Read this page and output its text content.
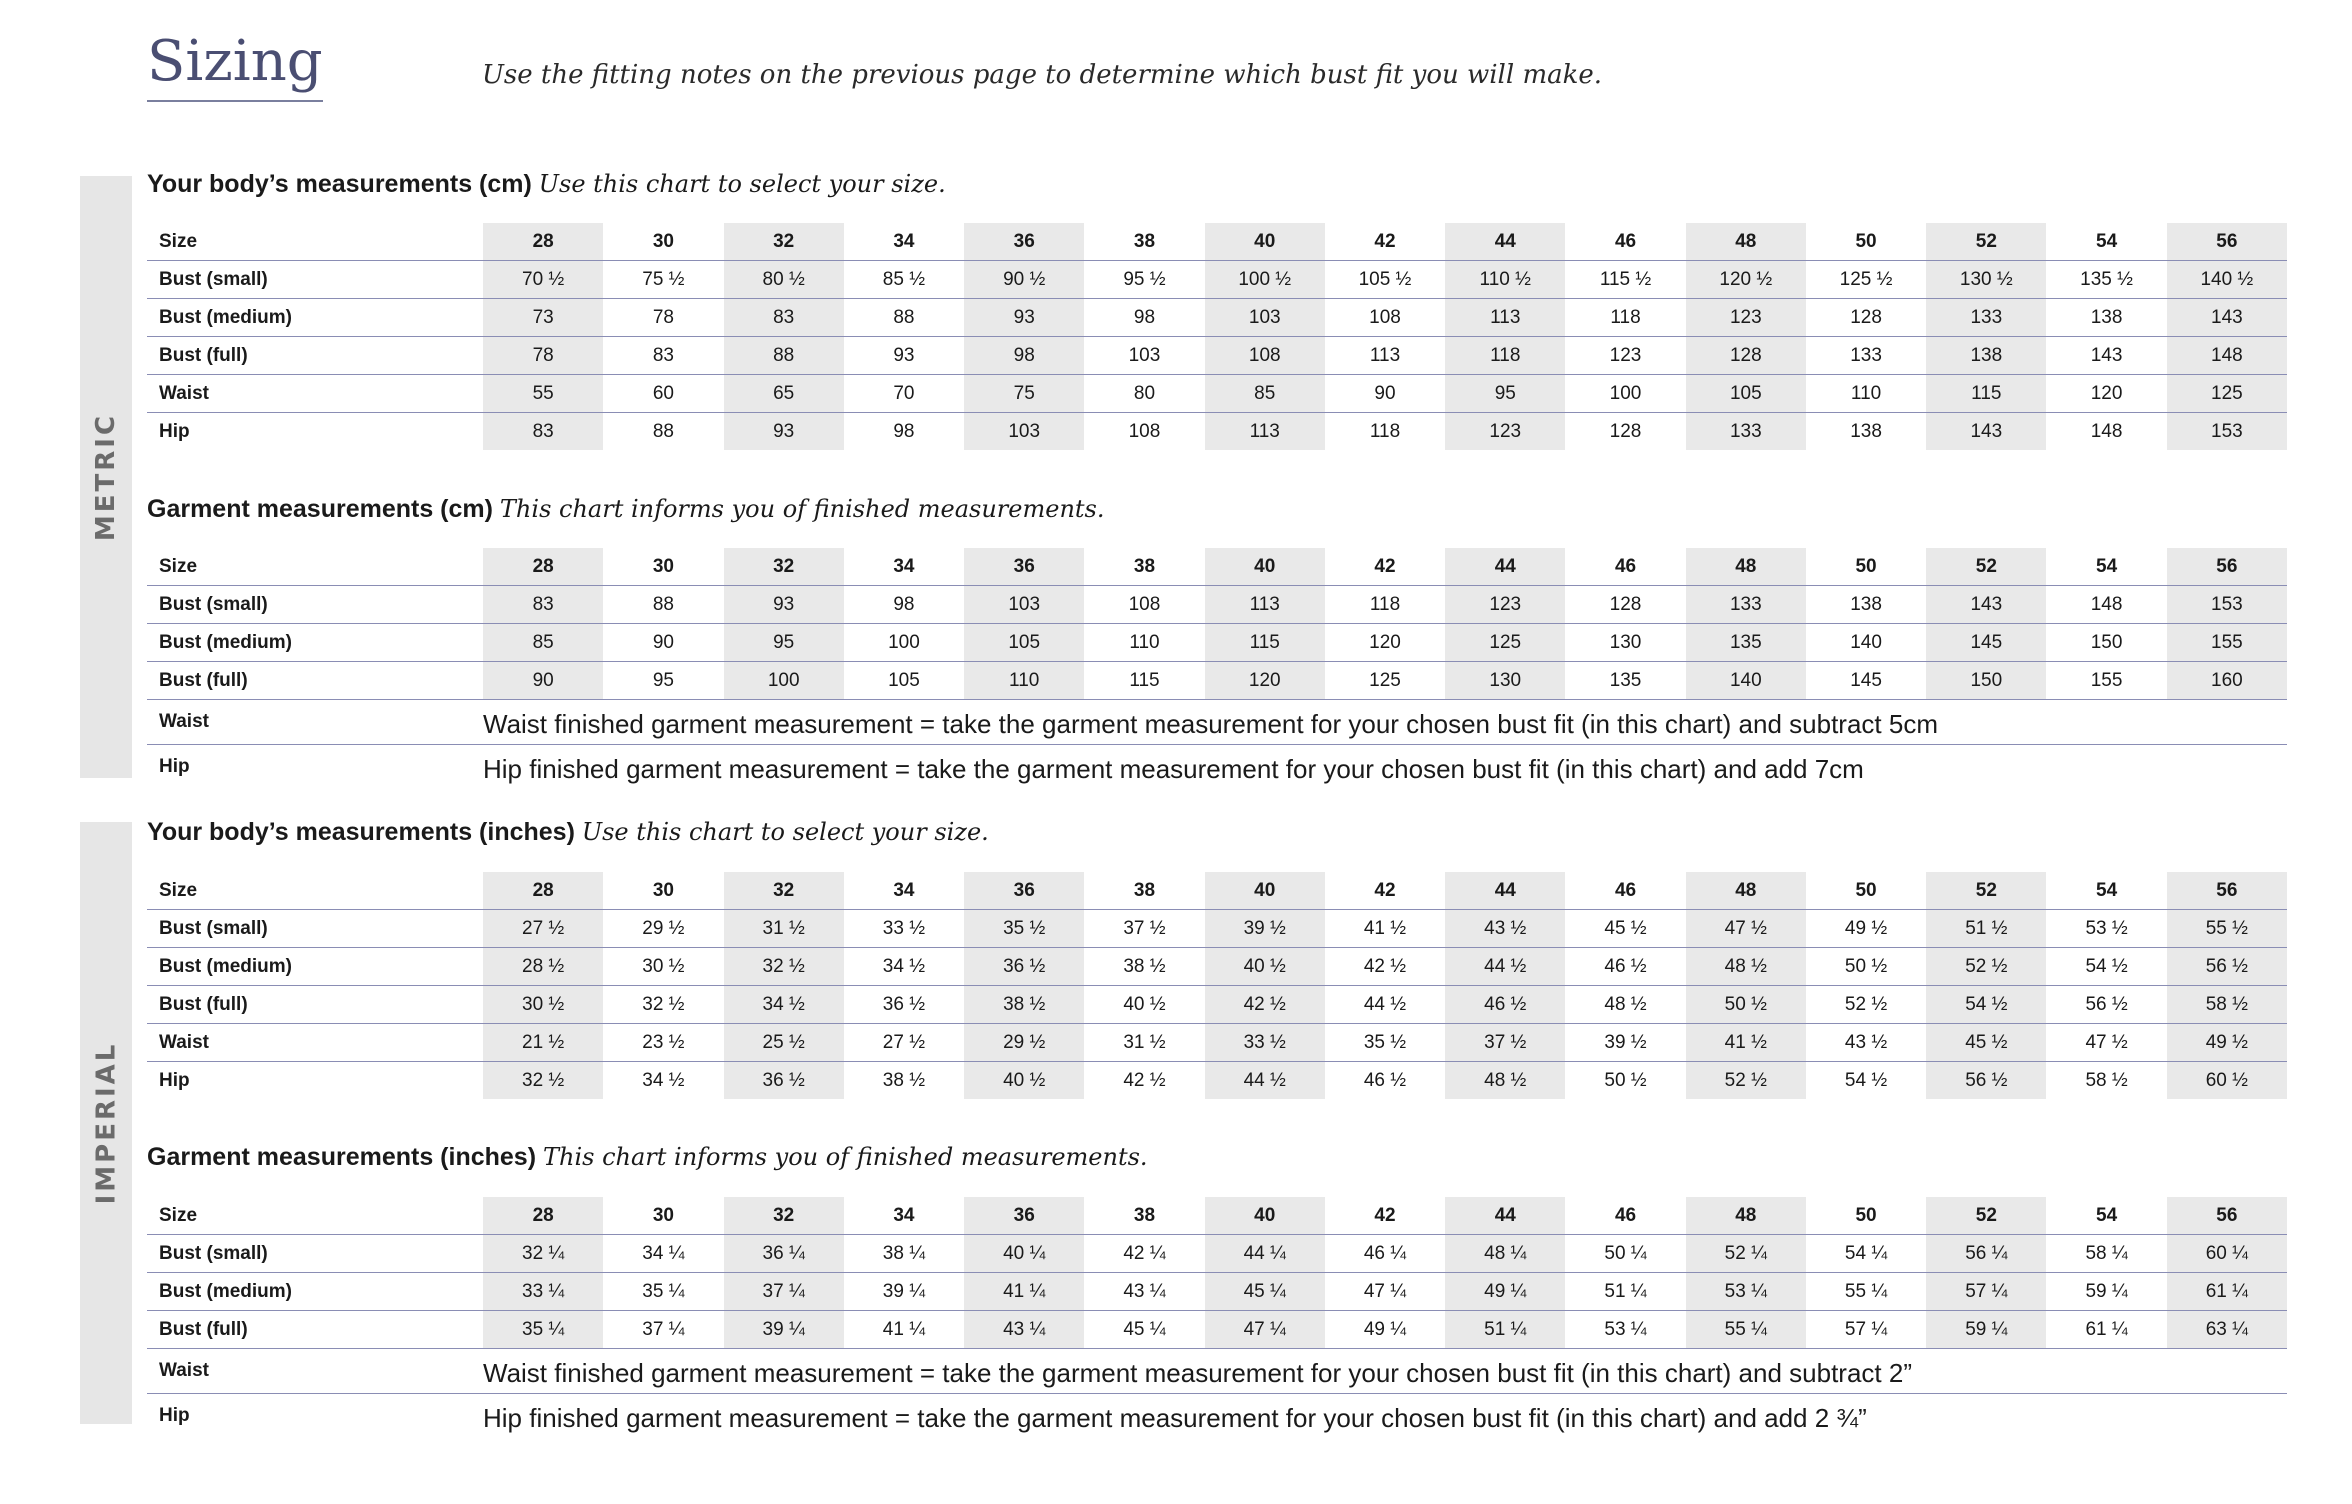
Sizing	Use the fitting notes on the previous page to determine which bust fit you will make.
METRIC
IMPERIAL
Your body’s measurements (cm) Use this chart to select your size.
Size	28	30	32	34	36	38	40	42	44	46	48	50	52	54	56
Bust (small)	70 ½	75 ½	80 ½	85 ½	90 ½	95 ½	100 ½	105 ½	110 ½	115 ½	120 ½	125 ½	130 ½	135 ½	140 ½
Bust (medium)	73	78	83	88	93	98	103	108	113	118	123	128	133	138	143
Bust (full)	78	83	88	93	98	103	108	113	118	123	128	133	138	143	148
Waist	55	60	65	70	75	80	85	90	95	100	105	110	115	120	125
Hip	83	88	93	98	103	108	113	118	123	128	133	138	143	148	153
Garment measurements (cm) This chart informs you of finished measurements.
Size	28	30	32	34	36	38	40	42	44	46	48	50	52	54	56
Bust (small)	83	88	93	98	103	108	113	118	123	128	133	138	143	148	153
Bust (medium)	85	90	95	100	105	110	115	120	125	130	135	140	145	150	155
Bust (full)	90	95	100	105	110	115	120	125	130	135	140	145	150	155	160
Waist	Waist finished garment measurement = take the garment measurement for your chosen bust fit (in this chart) and subtract 5cm														
Hip	Hip finished garment measurement = take the garment measurement for your chosen bust fit (in this chart) and add 7cm														
Your body’s measurements (inches) Use this chart to select your size.
Size	28	30	32	34	36	38	40	42	44	46	48	50	52	54	56
Bust (small)	27 ½	29 ½	31 ½	33 ½	35 ½	37 ½	39 ½	41 ½	43 ½	45 ½	47 ½	49 ½	51 ½	53 ½	55 ½
Bust (medium)	28 ½	30 ½	32 ½	34 ½	36 ½	38 ½	40 ½	42 ½	44 ½	46 ½	48 ½	50 ½	52 ½	54 ½	56 ½
Bust (full)	30 ½	32 ½	34 ½	36 ½	38 ½	40 ½	42 ½	44 ½	46 ½	48 ½	50 ½	52 ½	54 ½	56 ½	58 ½
Waist	21 ½	23 ½	25 ½	27 ½	29 ½	31 ½	33 ½	35 ½	37 ½	39 ½	41 ½	43 ½	45 ½	47 ½	49 ½
Hip	32 ½	34 ½	36 ½	38 ½	40 ½	42 ½	44 ½	46 ½	48 ½	50 ½	52 ½	54 ½	56 ½	58 ½	60 ½
Garment measurements (inches) This chart informs you of finished measurements.
Size	28	30	32	34	36	38	40	42	44	46	48	50	52	54	56
Bust (small)	32 ¼	34 ¼	36 ¼	38 ¼	40 ¼	42 ¼	44 ¼	46 ¼	48 ¼	50 ¼	52 ¼	54 ¼	56 ¼	58 ¼	60 ¼
Bust (medium)	33 ¼	35 ¼	37 ¼	39 ¼	41 ¼	43 ¼	45 ¼	47 ¼	49 ¼	51 ¼	53 ¼	55 ¼	57 ¼	59 ¼	61 ¼
Bust (full)	35 ¼	37 ¼	39 ¼	41 ¼	43 ¼	45 ¼	47 ¼	49 ¼	51 ¼	53 ¼	55 ¼	57 ¼	59 ¼	61 ¼	63 ¼
Waist	Waist finished garment measurement = take the garment measurement for your chosen bust fit (in this chart) and subtract 2”														
Hip	Hip finished garment measurement = take the garment measurement for your chosen bust fit (in this chart) and add 2 ¾”														
